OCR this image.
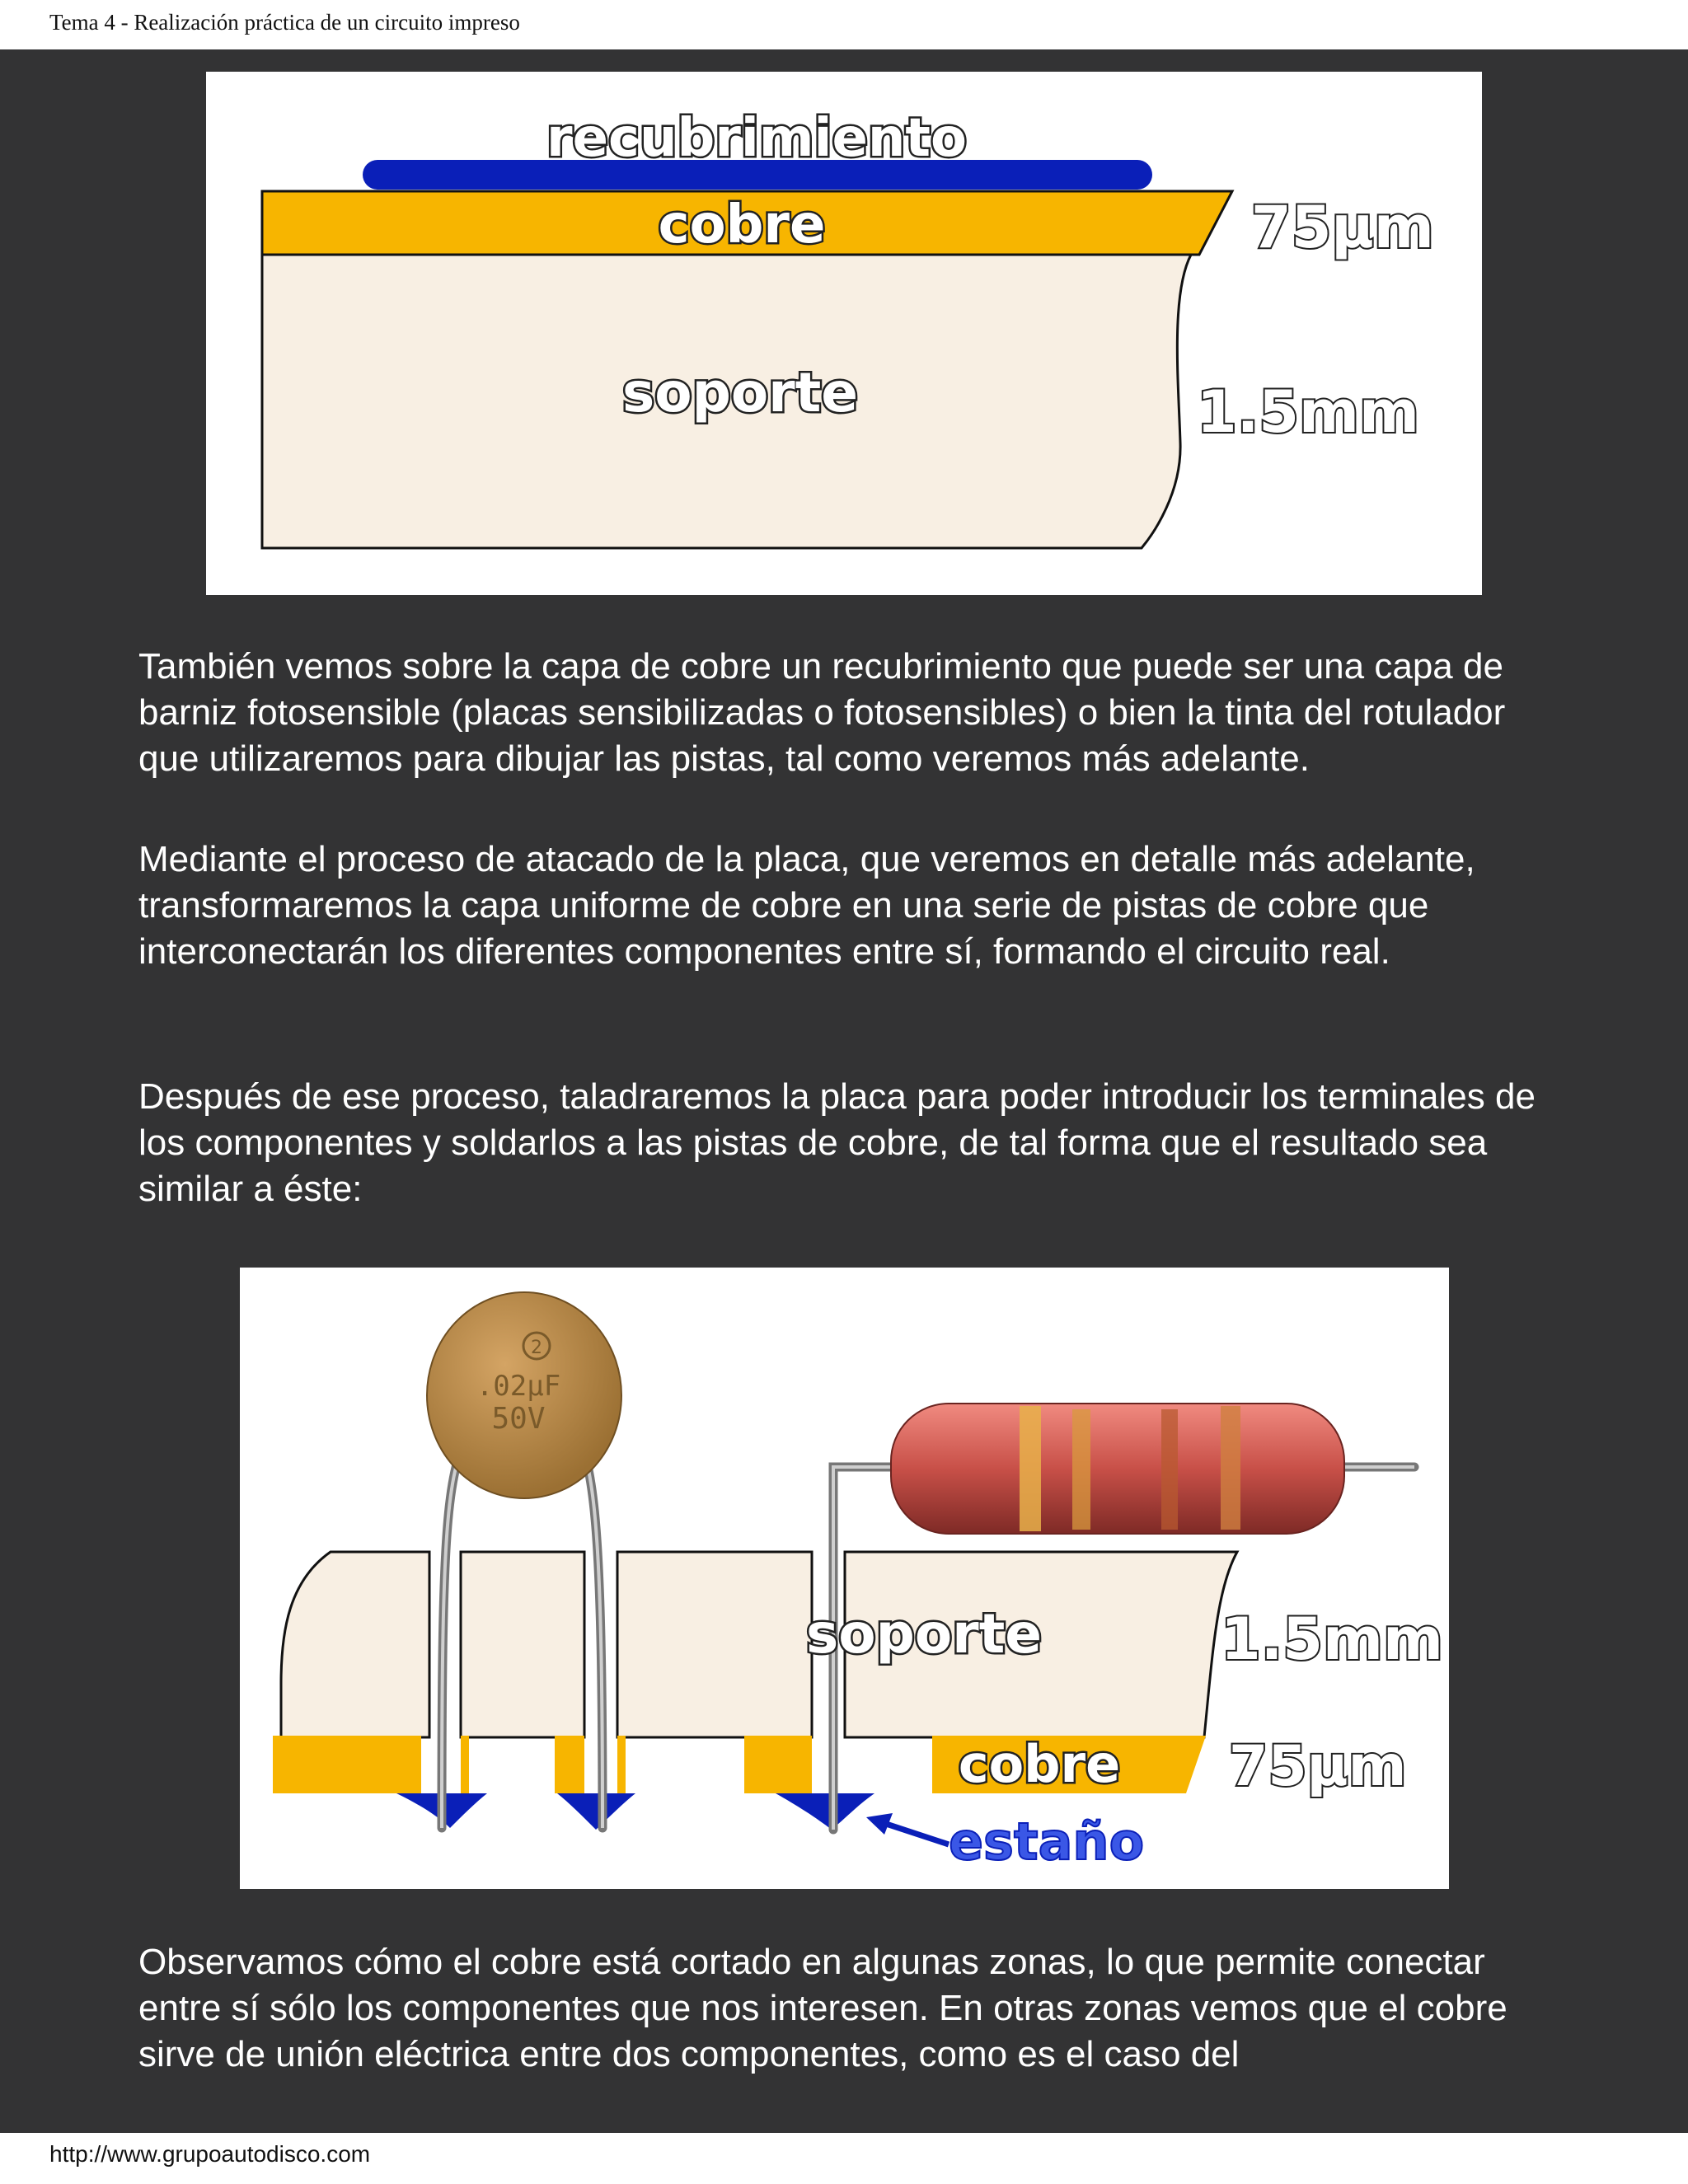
Tema 4 - Realización práctica de un circuito impreso
recubrimiento
cobre
soporte
75µm
1.5mm
También vemos sobre la capa de cobre un recubrimiento que puede ser una capa de barniz fotosensible (placas sensibilizadas o fotosensibles) o bien la tinta del rotulador que utilizaremos para dibujar las pistas, tal como veremos más adelante.
Mediante el proceso de atacado de la placa, que veremos en detalle más adelante, transformaremos la capa uniforme de cobre en una serie de pistas de cobre que interconectarán los diferentes componentes entre sí, formando el circuito real.
Después de ese proceso, taladraremos la placa para poder introducir los terminales de los componentes y soldarlos a las pistas de cobre, de tal forma que el resultado sea similar a éste:
2
.02µF
50V
soporte	1.5mm
cobre 75µm
estaño
Observamos cómo el cobre está cortado en algunas zonas, lo que permite conectar entre sí sólo los componentes que nos interesen. En otras zonas vemos que el cobre sirve de unión eléctrica entre dos componentes, como es el caso del
http://www.grupoautodisco.com
